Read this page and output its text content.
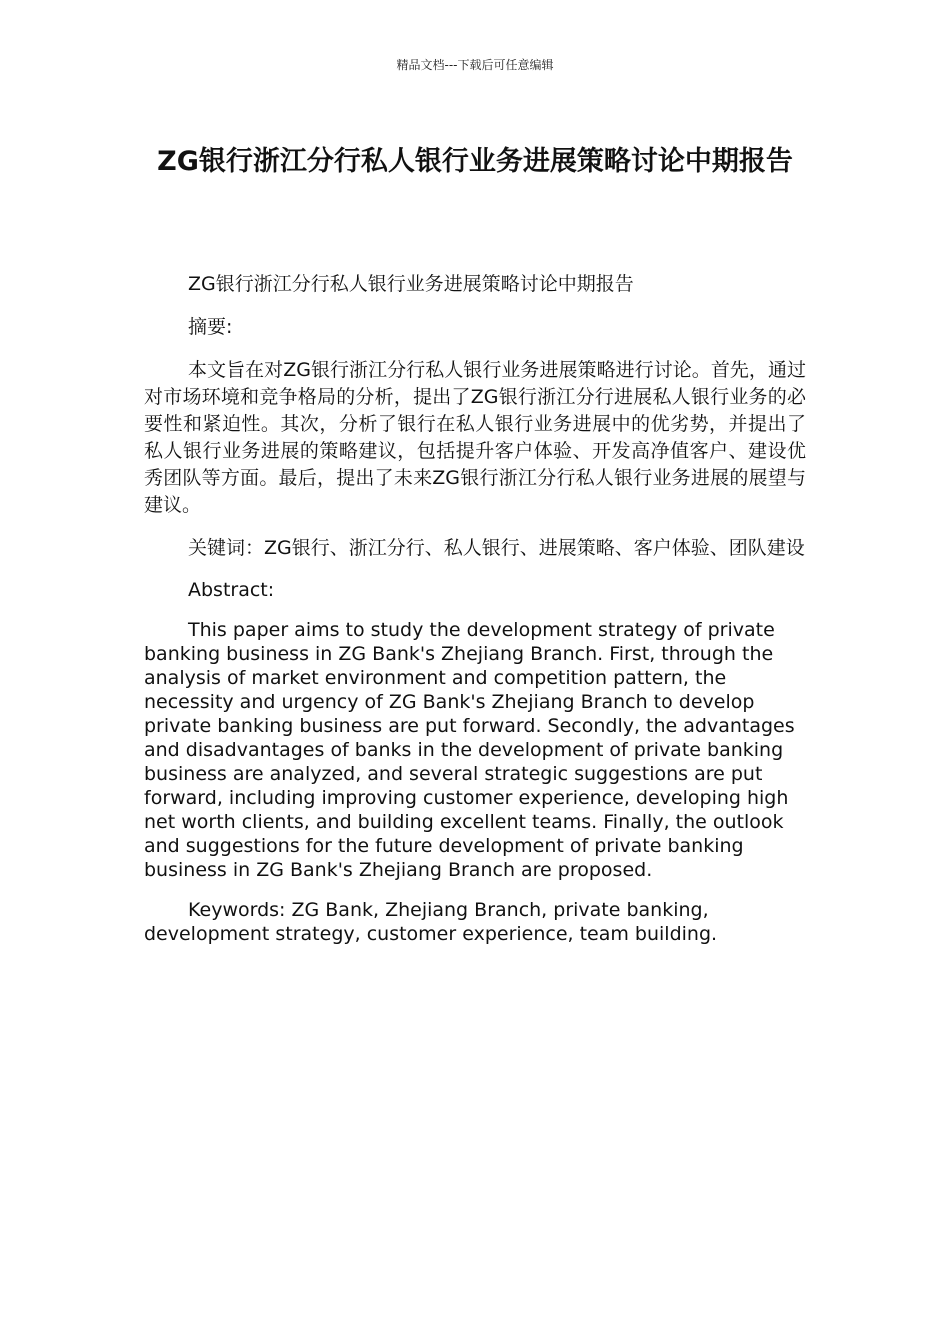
精品文档---下载后可任意编辑
ZG银行浙江分行私人银行业务进展策略讨论中期报告

ZG银行浙江分行私人银行业务进展策略讨论中期报告

摘要:

本文旨在对ZG银行浙江分行私人银行业务进展策略进行讨论。首先，通过对市场环境和竞争格局的分析，提出了ZG银行浙江分行进展私人银行业务的必要性和紧迫性。其次，分析了银行在私人银行业务进展中的优劣势，并提出了私人银行业务进展的策略建议，包括提升客户体验、开发高净值客户、建设优秀团队等方面。最后，提出了未来ZG银行浙江分行私人银行业务进展的展望与建议。

关键词：ZG银行、浙江分行、私人银行、进展策略、客户体验、团队建设

Abstract:

This paper aims to study the development strategy of private banking business in ZG Bank's Zhejiang Branch. First, through the analysis of market environment and competition pattern, the necessity and urgency of ZG Bank's Zhejiang Branch to develop private banking business are put forward. Secondly, the advantages and disadvantages of banks in the development of private banking business are analyzed, and several strategic suggestions are put forward, including improving customer experience, developing high net worth clients, and building excellent teams. Finally, the outlook and suggestions for the future development of private banking business in ZG Bank's Zhejiang Branch are proposed.

Keywords: ZG Bank, Zhejiang Branch, private banking, development strategy, customer experience, team building.
